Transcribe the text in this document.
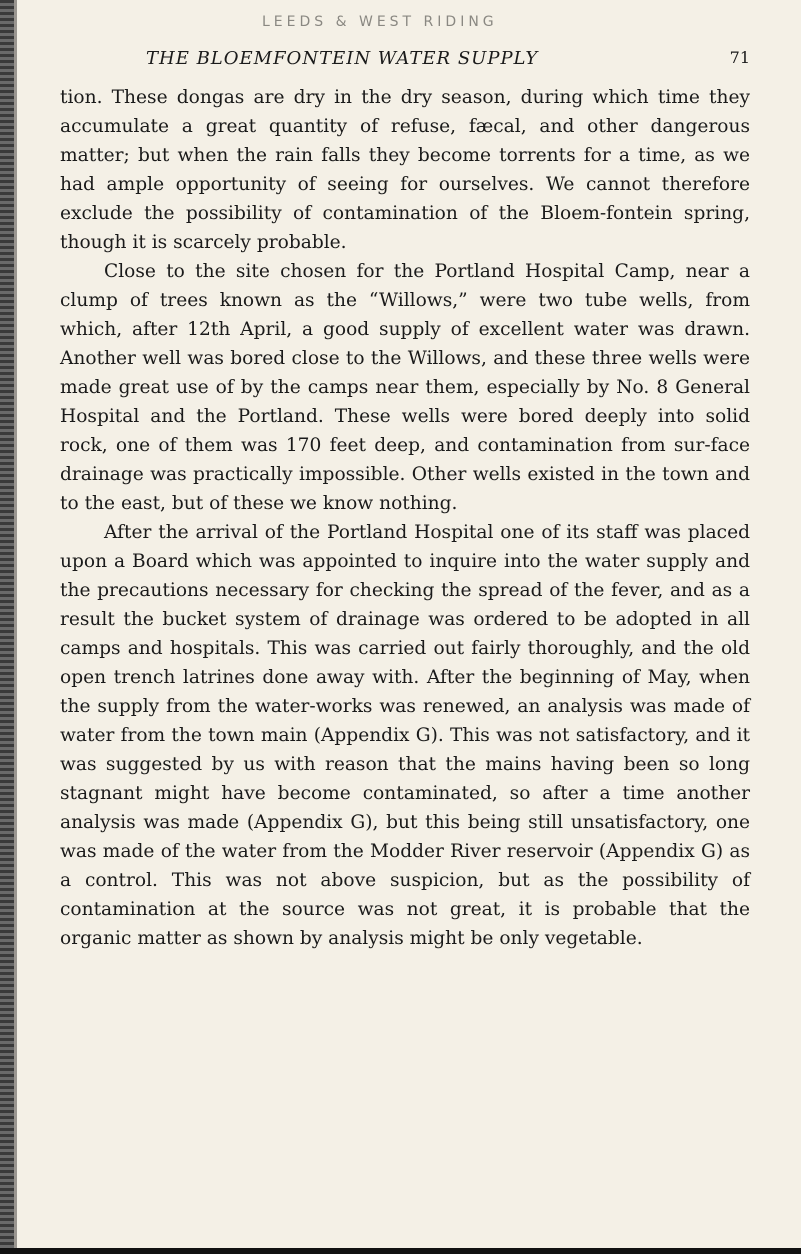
LEEDS & WEST RIDING
THE BLOEMFONTEIN WATER SUPPLY	71

tion. These dongas are dry in the dry season, during which time they accumulate a great quantity of refuse, fæcal, and other dangerous matter; but when the rain falls they become torrents for a time, as we had ample opportunity of seeing for ourselves. We cannot therefore exclude the possibility of contamination of the Bloem-fontein spring, though it is scarcely probable.

Close to the site chosen for the Portland Hospital Camp, near a clump of trees known as the “Willows,” were two tube wells, from which, after 12th April, a good supply of excellent water was drawn. Another well was bored close to the Willows, and these three wells were made great use of by the camps near them, especially by No. 8 General Hospital and the Portland. These wells were bored deeply into solid rock, one of them was 170 feet deep, and contamination from sur-face drainage was practically impossible. Other wells existed in the town and to the east, but of these we know nothing.

After the arrival of the Portland Hospital one of its staff was placed upon a Board which was appointed to inquire into the water supply and the precautions necessary for checking the spread of the fever, and as a result the bucket system of drainage was ordered to be adopted in all camps and hospitals. This was carried out fairly thoroughly, and the old open trench latrines done away with. After the beginning of May, when the supply from the water-works was renewed, an analysis was made of water from the town main (Appendix G). This was not satisfactory, and it was suggested by us with reason that the mains having been so long stagnant might have become contaminated, so after a time another analysis was made (Appendix G), but this being still unsatisfactory, one was made of the water from the Modder River reservoir (Appendix G) as a control. This was not above suspicion, but as the possibility of contamination at the source was not great, it is probable that the organic matter as shown by analysis might be only vegetable.
